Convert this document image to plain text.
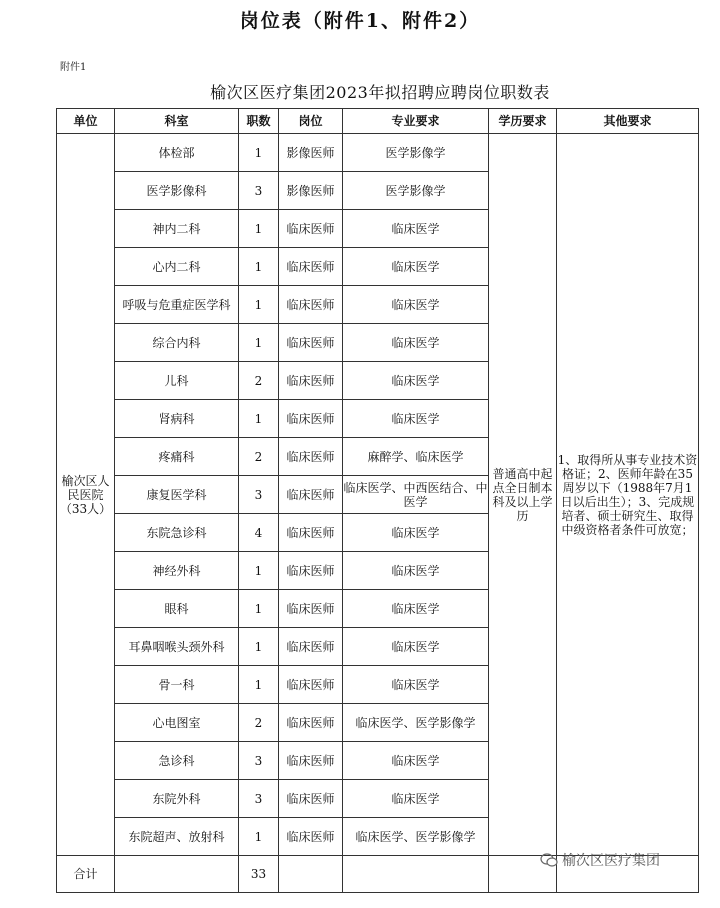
岗位表（附件1、附件2）
附件1
榆次区医疗集团2023年拟招聘应聘岗位职数表
单位	科室	职数	岗位	专业要求	学历要求	其他要求
榆次区人民医院（33人）	体检部	1	影像医师	医学影像学	普通高中起点全日制本科及以上学历	1、取得所从事专业技术资格证；2、医师年龄在35周岁以下（1988年7月1日以后出生）；3、完成规培者、硕士研究生、取得中级资格者条件可放宽；
	医学影像科	3	影像医师	医学影像学		
	神内二科	1	临床医师	临床医学		
	心内二科	1	临床医师	临床医学		
	呼吸与危重症医学科	1	临床医师	临床医学		
	综合内科	1	临床医师	临床医学		
	儿科	2	临床医师	临床医学		
	肾病科	1	临床医师	临床医学		
	疼痛科	2	临床医师	麻醉学、临床医学		
	康复医学科	3	临床医师	临床医学、中西医结合、中医学		
	东院急诊科	4	临床医师	临床医学		
	神经外科	1	临床医师	临床医学		
	眼科	1	临床医师	临床医学		
	耳鼻咽喉头颈外科	1	临床医师	临床医学		
	骨一科	1	临床医师	临床医学		
	心电图室	2	临床医师	临床医学、医学影像学		
	急诊科	3	临床医师	临床医学		
	东院外科	3	临床医师	临床医学		
	东院超声、放射科	1	临床医师	临床医学、医学影像学		
合计		33				
榆次区医疗集团
